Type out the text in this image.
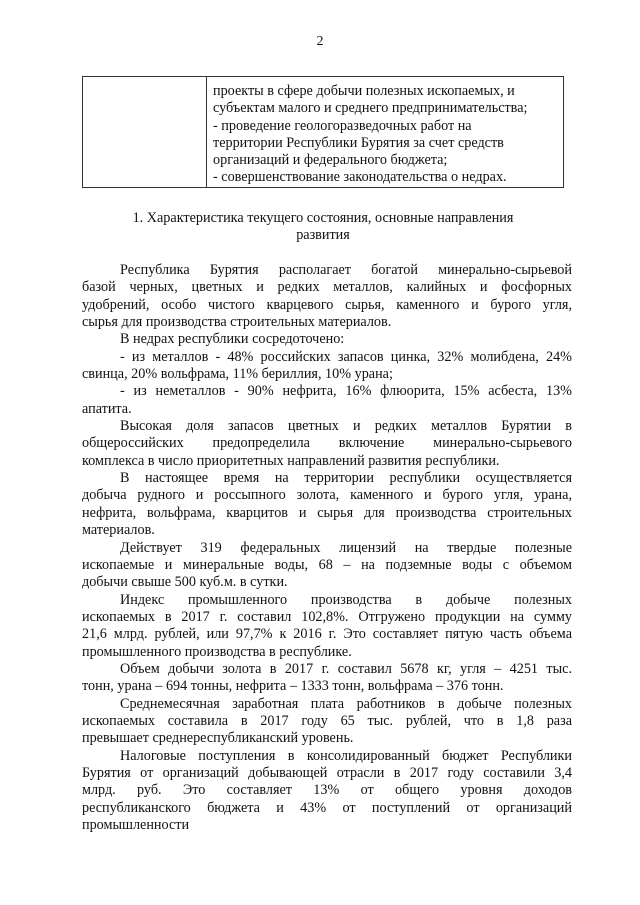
2
проекты в сфере добычи полезных ископаемых, и
субъектам малого и среднего предпринимательства;
- проведение геологоразведочных работ на
территории Республики Бурятия за счет средств
организаций и федерального бюджета;
- совершенствование законодательства о недрах.
1. Характеристика текущего состояния, основные направления
развития
Республика Бурятия располагает богатой минерально-сырьевой
базой черных, цветных и редких металлов, калийных и фосфорных
удобрений, особо чистого кварцевого сырья, каменного и бурого угля,
сырья для производства строительных материалов.
В недрах республики сосредоточено:
- из металлов - 48% российских запасов цинка, 32% молибдена, 24%
свинца, 20% вольфрама, 11% бериллия, 10% урана;
- из неметаллов - 90% нефрита, 16% флюорита, 15% асбеста, 13%
апатита.
Высокая доля запасов цветных и редких металлов Бурятии в
общероссийских предопределила включение минерально-сырьевого
комплекса в число приоритетных направлений развития республики.
В настоящее время на территории республики осуществляется
добыча рудного и россыпного золота, каменного и бурого угля, урана,
нефрита, вольфрама, кварцитов и сырья для производства строительных
материалов.
Действует 319 федеральных лицензий на твердые полезные
ископаемые и минеральные воды, 68 – на подземные воды с объемом
добычи свыше 500 куб.м. в сутки.
Индекс промышленного производства в добыче полезных
ископаемых в 2017 г. составил 102,8%. Отгружено продукции на сумму
21,6 млрд. рублей, или 97,7% к 2016 г. Это составляет пятую часть объема
промышленного производства в республике.
Объем добычи золота в 2017 г. составил 5678 кг, угля – 4251 тыс.
тонн, урана – 694 тонны, нефрита – 1333 тонн, вольфрама – 376 тонн.
Среднемесячная заработная плата работников в добыче полезных
ископаемых составила в 2017 году 65 тыс. рублей, что в 1,8 раза
превышает среднереспубликанский уровень.
Налоговые поступления в консолидированный бюджет Республики
Бурятия от организаций добывающей отрасли в 2017 году составили 3,4
млрд. руб. Это составляет 13% от общего уровня доходов
республиканского бюджета и 43% от поступлений от организаций
промышленности
